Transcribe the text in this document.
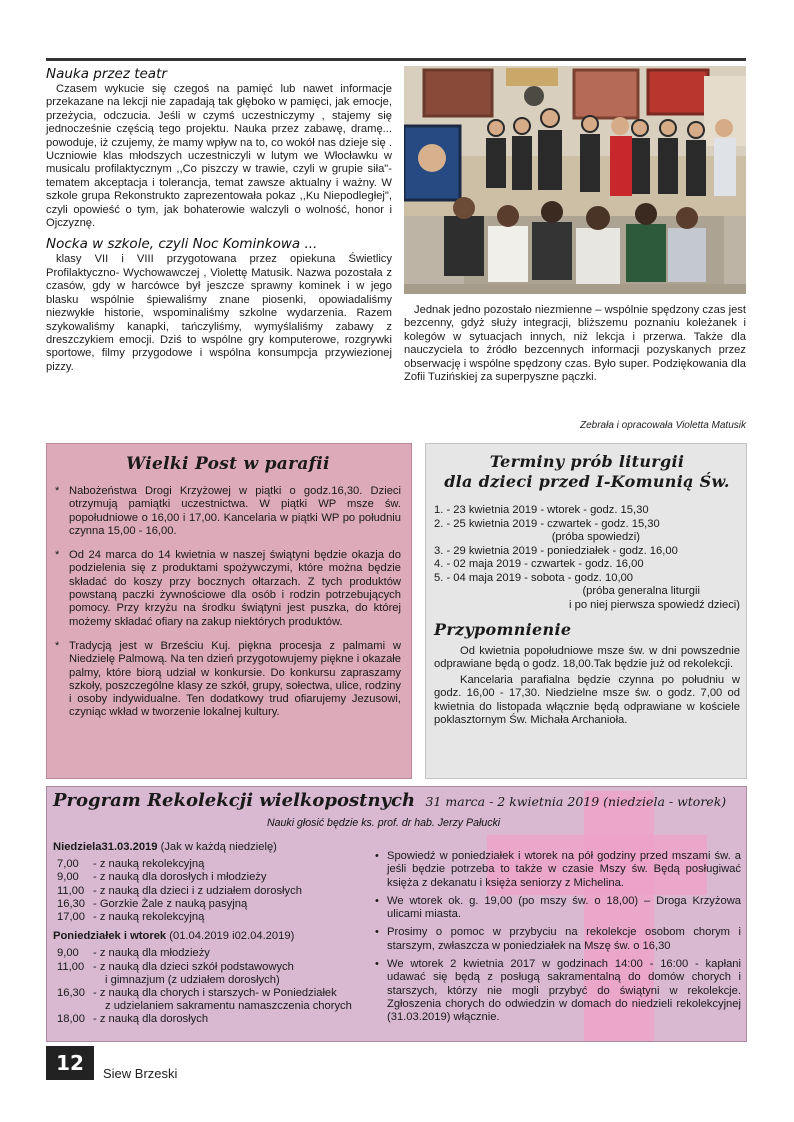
Nauka przez teatr

Czasem wykucie się czegoś na pamięć lub nawet informacje przekazane na lekcji nie zapadają tak głęboko w pamięci, jak emocje, przeżycia, odczucia. Jeśli w czymś uczestniczymy , stajemy się jednocześnie częścią tego projektu. Nauka przez zabawę, dramę... powoduje, iż czujemy, że mamy wpływ na to, co wokół nas dzieje się . Uczniowie klas młodszych uczestniczyli w lutym we Włocławku w musicalu profilaktycznym ,,Co piszczy w trawie, czyli w grupie siła"- tematem akceptacja i tolerancja, temat zawsze aktualny i ważny. W szkole grupa Rekonstrukto zaprezentowała pokaz ,,Ku Niepodległej", czyli opowieść o tym, jak bohaterowie walczyli o wolność, honor i Ojczyznę.

Nocka w szkole, czyli Noc Kominkowa ...

klasy VII i VIII przygotowana przez opiekuna Świetlicy Profilaktyczno- Wychowawczej , Violettę Matusik. Nazwa pozostała z czasów, gdy w harcówce był jeszcze sprawny kominek i w jego blasku wspólnie śpiewaliśmy znane piosenki, opowiadaliśmy niezwykłe historie, wspominaliśmy szkolne wydarzenia. Razem szykowaliśmy kanapki, tańczyliśmy, wymyślaliśmy zabawy z dreszczykiem emocji. Dziś to wspólne gry komputerowe, rozgrywki sportowe, filmy przygodowe i wspólna konsumpcja przywiezionej pizzy.

Jednak jedno pozostało niezmienne – wspólnie spędzony czas jest bezcenny, gdyż służy integracji, bliższemu poznaniu koleżanek i kolegów w sytuacjach innych, niż lekcja i przerwa. Także dla nauczyciela to źródło bezcennych informacji pozyskanych przez obserwację i wspólne spędzony czas. Było super. Podziękowania dla Zofii Tuzińskiej za superpyszne pączki.

Zebrała i opracowała Violetta Matusik
Wielki Post w parafii
* Nabożeństwa Drogi Krzyżowej w piątki o godz.16,30. Dzieci otrzymują pamiątki uczestnictwa. W piątki WP msze św. popołudniowe o 16,00 i 17,00. Kancelaria w piątki WP po południu czynna 15,00 - 16,00.
* Od 24 marca do 14 kwietnia w naszej świątyni będzie okazja do podzielenia się z produktami spożywczymi, które można będzie składać do koszy przy bocznych ołtarzach. Z tych produktów powstaną paczki żywnościowe dla osób i rodzin potrzebujących pomocy. Przy krzyżu na środku świątyni jest puszka, do której możemy składać ofiary na zakup niektórych produktów.
* Tradycją jest w Brześciu Kuj. piękna procesja z palmami w Niedzielę Palmową. Na ten dzień przygotowujemy piękne i okazałe palmy, które biorą udział w konkursie. Do konkursu zapraszamy szkoły, poszczególne klasy ze szkół, grupy, sołectwa, ulice, rodziny i osoby indywidualne. Ten dodatkowy trud ofiarujemy Jezusowi, czyniąc wkład w tworzenie lokalnej kultury.
Terminy prób liturgii
dla dzieci przed I-Komunią Św.
1. - 23 kwietnia 2019 - wtorek - godz. 15,30
2. - 25 kwietnia 2019 - czwartek - godz. 15,30
(próba spowiedzi)
3. - 29 kwietnia 2019 - poniedziałek - godz. 16,00
4. - 02 maja 2019 - czwartek - godz. 16,00
5. - 04 maja 2019 - sobota - godz. 10,00
(próba generalna liturgii
i po niej pierwsza spowiedź dzieci)
Przypomnienie

Od kwietnia popołudniowe msze św. w dni powszednie odprawiane będą o godz. 18,00.Tak będzie już od rekolekcji.

Kancelaria parafialna będzie czynna po południu w godz. 16,00 - 17,30. Niedzielne msze św. o godz. 7,00 od kwietnia do listopada włącznie będą odprawiane w kościele poklasztornym Św. Michała Archanioła.

Program Rekolekcji wielkopostnych 31 marca - 2 kwietnia 2019 (niedziela - wtorek)
Nauki głosić będzie ks. prof. dr hab. Jerzy Pałucki
Niedziela31.03.2019 (Jak w każdą niedzielę)
7,00	- z nauką rekolekcyjną
9,00	- z nauką dla dorosłych i młodzieży
11,00 - z nauką dla dzieci i z udziałem dorosłych
16,30 - Gorzkie Żale z nauką pasyjną
17,00 - z nauką rekolekcyjną
Poniedziałek i wtorek (01.04.2019 i02.04.2019)
9,00	- z nauką dla młodzieży
11,00 - z nauką dla dzieci szkół podstawowych
i gimnazjum (z udziałem dorosłych)
16,30 - z nauką dla chorych i starszych- w Poniedziałek
z udzielaniem sakramentu namaszczenia chorych
18,00 - z nauką dla dorosłych
• Spowiedź w poniedziałek i wtorek na pół godziny przed mszami św. a jeśli będzie potrzeba to także w czasie Mszy św. Będą posługiwać księża z dekanatu i księża seniorzy z Michelina.
• We wtorek ok. g. 19,00 (po mszy św. o 18,00) – Droga Krzyżowa ulicami miasta.
• Prosimy o pomoc w przybyciu na rekolekcje osobom chorym i starszym, zwłaszcza w poniedziałek na Mszę św. o 16,30
• We wtorek 2 kwietnia 2017 w godzinach 14:00 - 16:00 - kapłani udawać się będą z posługą sakramentalną do domów chorych i starszych, którzy nie mogli przybyć do świątyni w rekolekcje. Zgłoszenia chorych do odwiedzin w domach do niedzieli rekolekcyjnej (31.03.2019) włącznie.
12	Siew Brzeski
